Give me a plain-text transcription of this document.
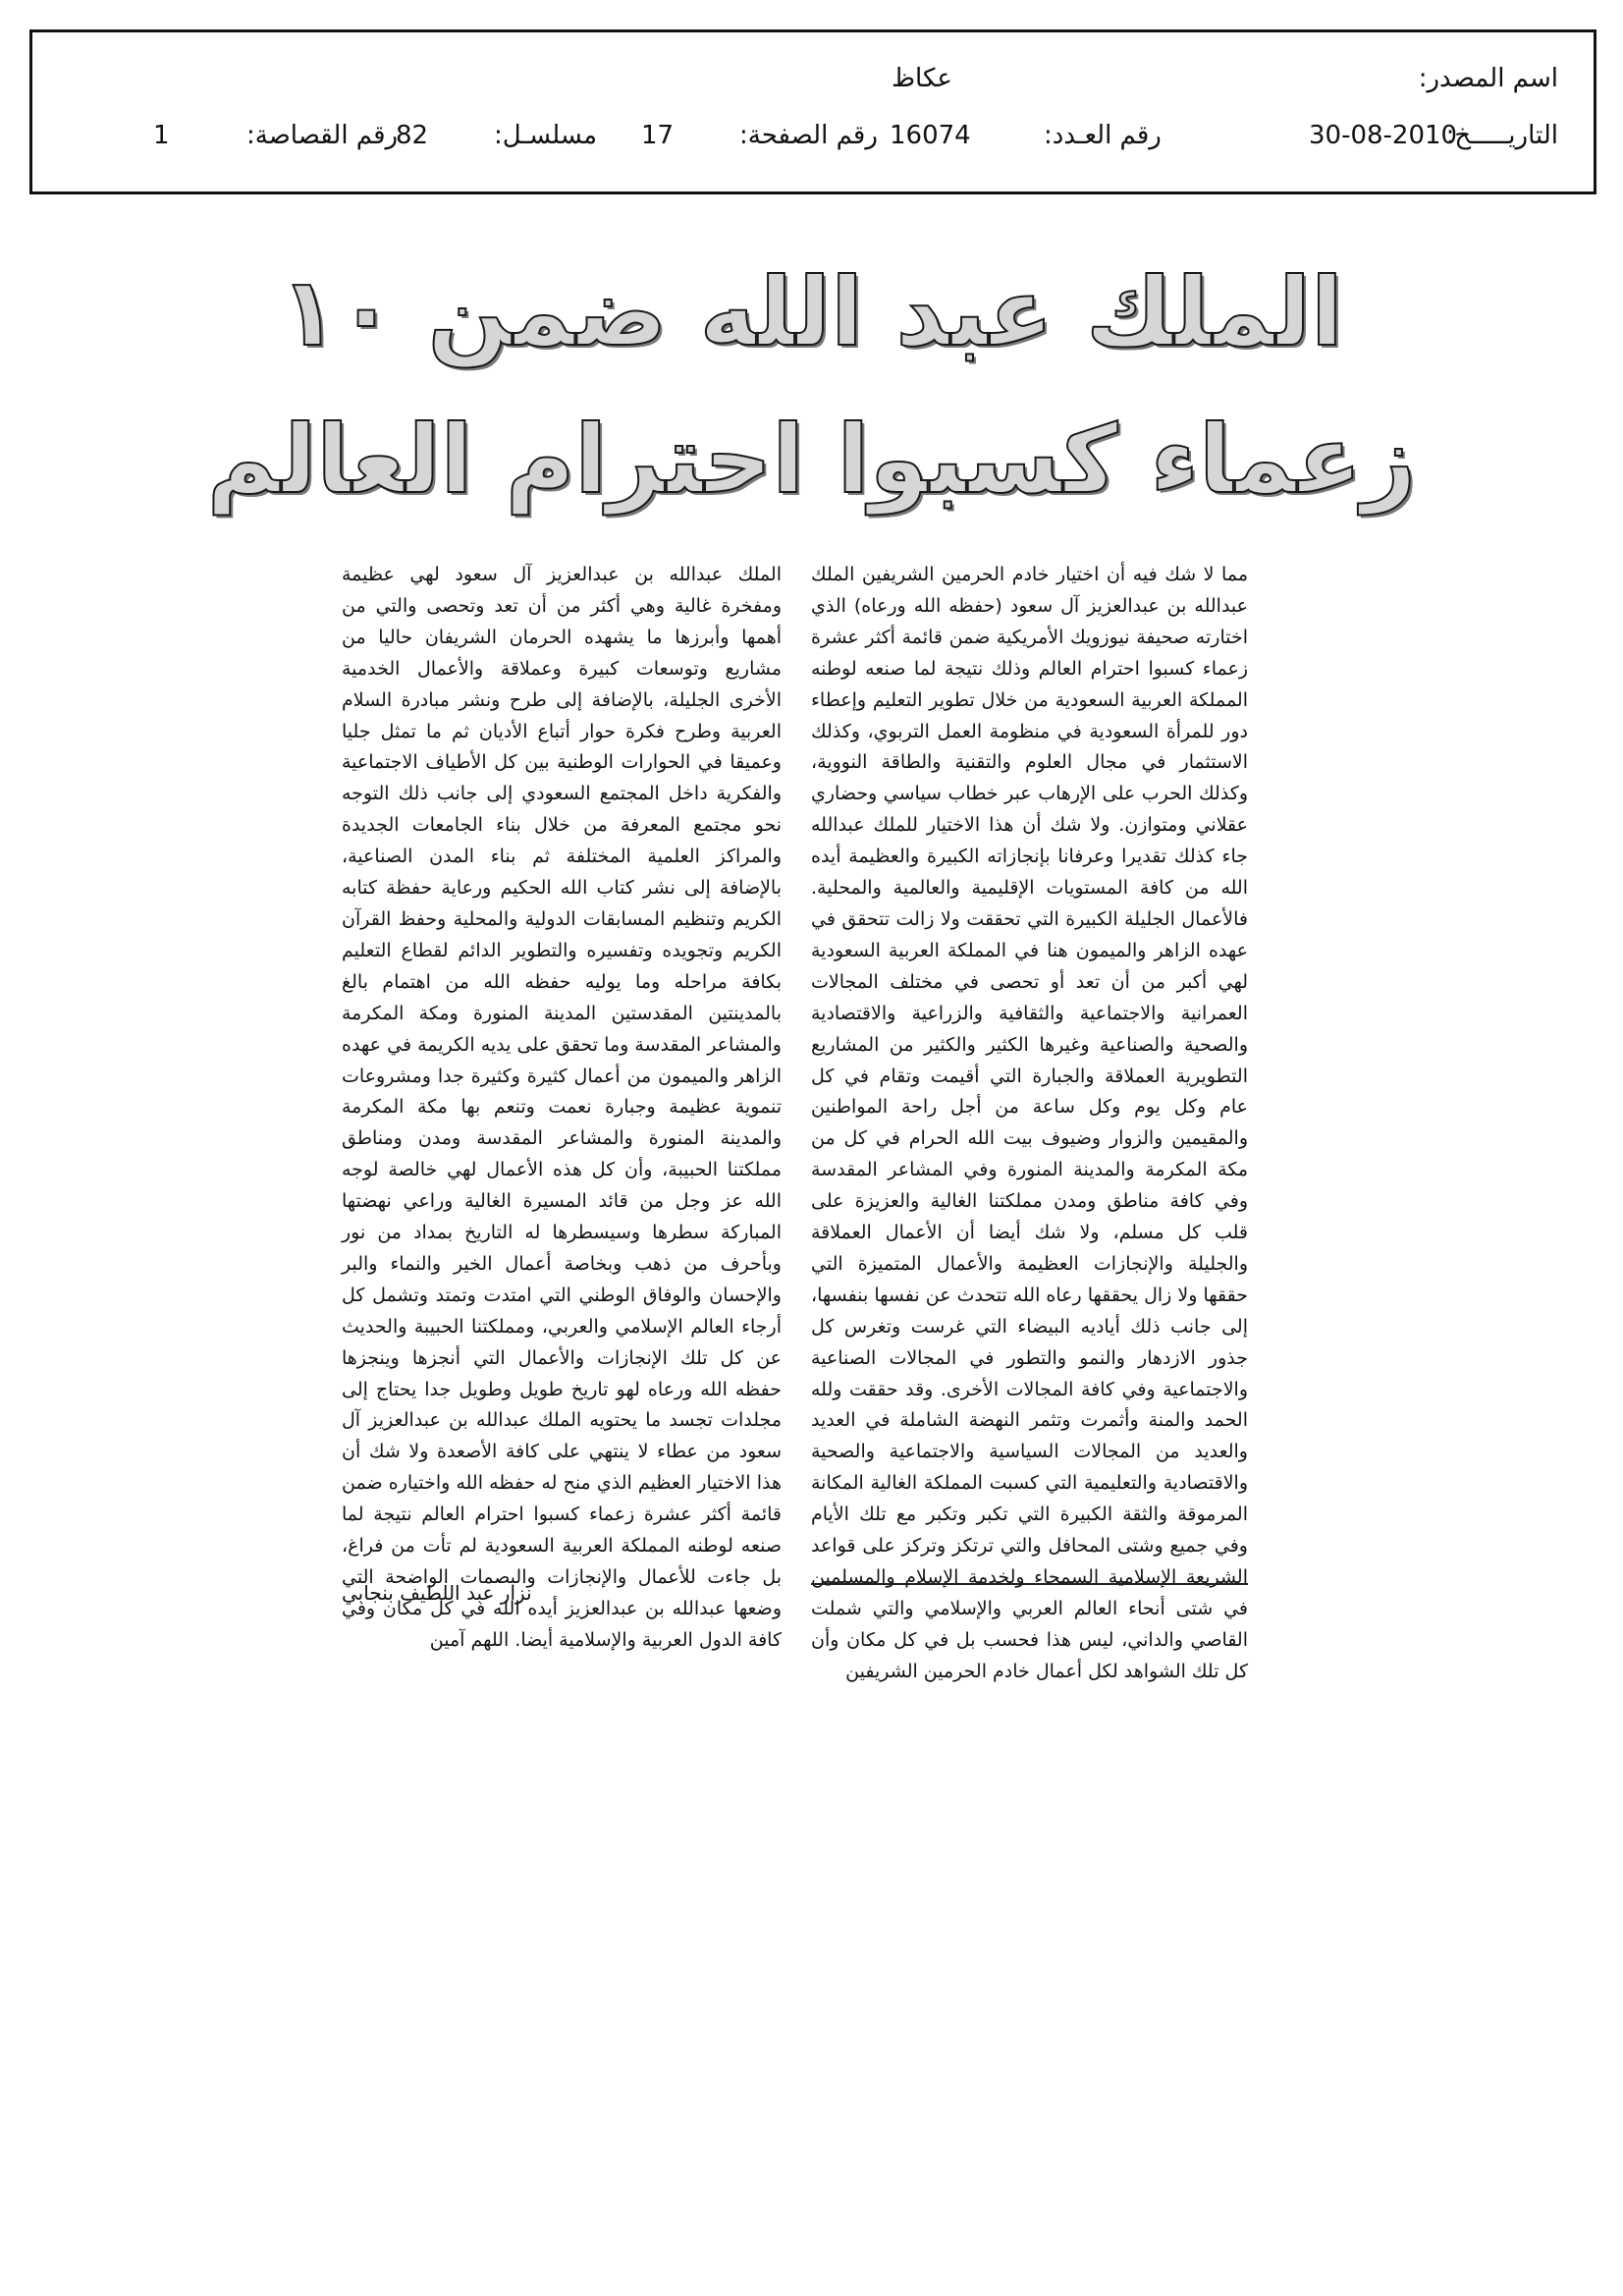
اسم المصدر:
عكاظ
التاريـــــخ:
30-08-2010
رقم العـدد:
16074
رقم الصفحة:
17
مسلسـل:
82
رقم القصاصة:
1
الملك عبد الله ضمن ١٠
زعماء كسبوا احترام العالم

مما لا شك فيه أن اختيار خادم الحرمين الشريفين الملك عبدالله بن عبدالعزيز آل سعود (حفظه الله ورعاه) الذي اختارته صحيفة نيوزويك الأمريكية ضمن قائمة أكثر عشرة زعماء كسبوا احترام العالم وذلك نتيجة لما صنعه لوطنه المملكة العربية السعودية من خلال تطوير التعليم وإعطاء دور للمرأة السعودية في منظومة العمل التربوي، وكذلك الاستثمار في مجال العلوم والتقنية والطاقة النووية، وكذلك الحرب على الإرهاب عبر خطاب سياسي وحضاري عقلاني ومتوازن. ولا شك أن هذا الاختيار للملك عبدالله جاء كذلك تقديرا وعرفانا بإنجازاته الكبيرة والعظيمة أيده الله من كافة المستويات الإقليمية والعالمية والمحلية. فالأعمال الجليلة الكبيرة التي تحققت ولا زالت تتحقق في عهده الزاهر والميمون هنا في المملكة العربية السعودية لهي أكبر من أن تعد أو تحصى في مختلف المجالات العمرانية والاجتماعية والثقافية والزراعية والاقتصادية والصحية والصناعية وغيرها الكثير والكثير من المشاريع التطويرية العملاقة والجبارة التي أقيمت وتقام في كل عام وكل يوم وكل ساعة من أجل راحة المواطنين والمقيمين والزوار وضيوف بيت الله الحرام في كل من مكة المكرمة والمدينة المنورة وفي المشاعر المقدسة وفي كافة مناطق ومدن مملكتنا الغالية والعزيزة على قلب كل مسلم، ولا شك أيضا أن الأعمال العملاقة والجليلة والإنجازات العظيمة والأعمال المتميزة التي حققها ولا زال يحققها رعاه الله تتحدث عن نفسها بنفسها، إلى جانب ذلك أياديه البيضاء التي غرست وتغرس كل جذور الازدهار والنمو والتطور في المجالات الصناعية والاجتماعية وفي كافة المجالات الأخرى. وقد حققت ولله الحمد والمنة وأثمرت وتثمر النهضة الشاملة في العديد والعديد من المجالات السياسية والاجتماعية والصحية والاقتصادية والتعليمية التي كسبت المملكة الغالية المكانة المرموقة والثقة الكبيرة التي تكبر وتكبر مع تلك الأيام وفي جميع وشتى المحافل والتي ترتكز وتركز على قواعد الشريعة الإسلامية السمحاء ولخدمة الإسلام والمسلمين في شتى أنحاء العالم العربي والإسلامي والتي شملت القاصي والداني، ليس هذا فحسب بل في كل مكان وأن كل تلك الشواهد لكل أعمال خادم الحرمين الشريفين

الملك عبدالله بن عبدالعزيز آل سعود لهي عظيمة ومفخرة غالية وهي أكثر من أن تعد وتحصى والتي من أهمها وأبرزها ما يشهده الحرمان الشريفان حاليا من مشاريع وتوسعات كبيرة وعملاقة والأعمال الخدمية الأخرى الجليلة، بالإضافة إلى طرح ونشر مبادرة السلام العربية وطرح فكرة حوار أتباع الأديان ثم ما تمثل جليا وعميقا في الحوارات الوطنية بين كل الأطياف الاجتماعية والفكرية داخل المجتمع السعودي إلى جانب ذلك التوجه نحو مجتمع المعرفة من خلال بناء الجامعات الجديدة والمراكز العلمية المختلفة ثم بناء المدن الصناعية، بالإضافة إلى نشر كتاب الله الحكيم ورعاية حفظة كتابه الكريم وتنظيم المسابقات الدولية والمحلية وحفظ القرآن الكريم وتجويده وتفسيره والتطوير الدائم لقطاع التعليم بكافة مراحله وما يوليه حفظه الله من اهتمام بالغ بالمدينتين المقدستين المدينة المنورة ومكة المكرمة والمشاعر المقدسة وما تحقق على يديه الكريمة في عهده الزاهر والميمون من أعمال كثيرة وكثيرة جدا ومشروعات تنموية عظيمة وجبارة نعمت وتنعم بها مكة المكرمة والمدينة المنورة والمشاعر المقدسة ومدن ومناطق مملكتنا الحبيبة، وأن كل هذه الأعمال لهي خالصة لوجه الله عز وجل من قائد المسيرة الغالية وراعي نهضتها المباركة سطرها وسيسطرها له التاريخ بمداد من نور وبأحرف من ذهب وبخاصة أعمال الخير والنماء والبر والإحسان والوفاق الوطني التي امتدت وتمتد وتشمل كل أرجاء العالم الإسلامي والعربي، ومملكتنا الحبيبة والحديث عن كل تلك الإنجازات والأعمال التي أنجزها وينجزها حفظه الله ورعاه لهو تاريخ طويل وطويل جدا يحتاج إلى مجلدات تجسد ما يحتويه الملك عبدالله بن عبدالعزيز آل سعود من عطاء لا ينتهي على كافة الأصعدة ولا شك أن هذا الاختيار العظيم الذي منح له حفظه الله واختياره ضمن قائمة أكثر عشرة زعماء كسبوا احترام العالم نتيجة لما صنعه لوطنه المملكة العربية السعودية لم تأت من فراغ، بل جاءت للأعمال والإنجازات والبصمات الواضحة التي وضعها عبدالله بن عبدالعزيز أيده الله في كل مكان وفي كافة الدول العربية والإسلامية أيضا. اللهم آمين

نزار عبد اللطيف بنجابي
